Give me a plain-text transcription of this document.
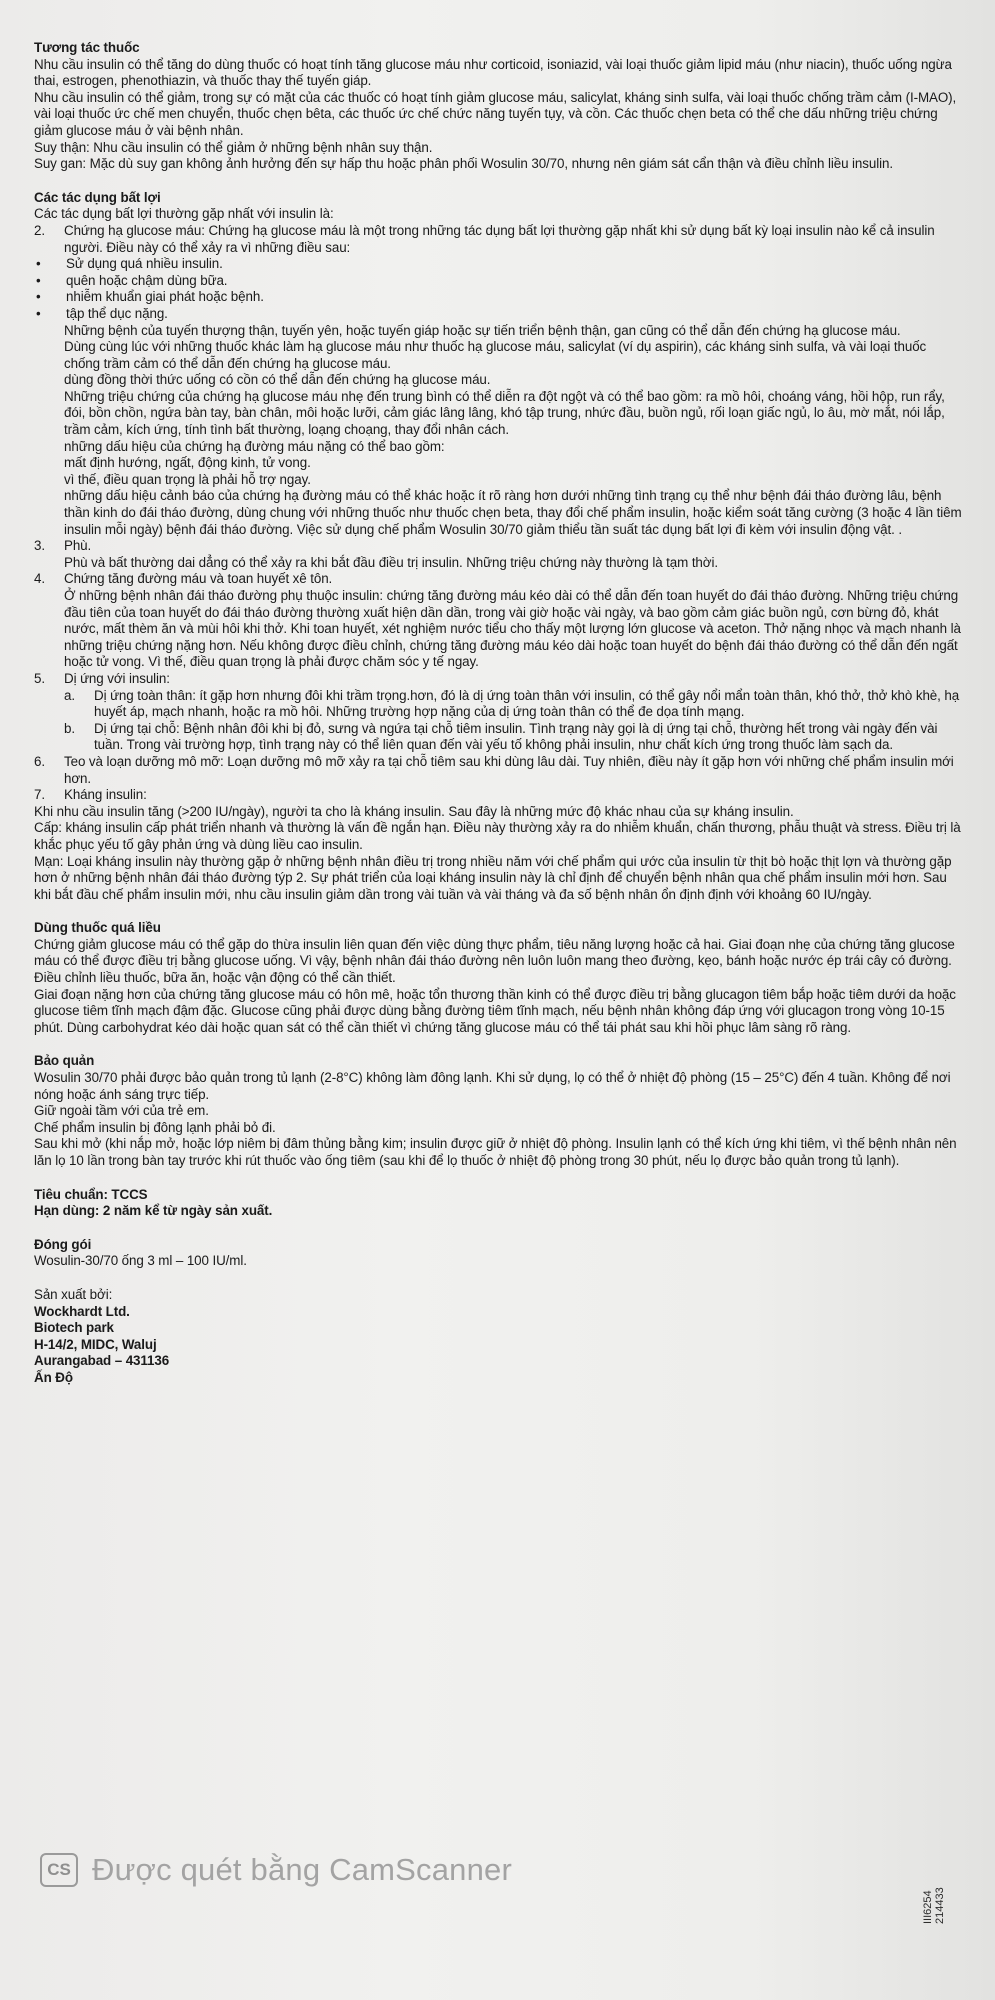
Tương tác thuốc

Nhu cầu insulin có thể tăng do dùng thuốc có hoạt tính tăng glucose máu như corticoid, isoniazid, vài loại thuốc giảm lipid máu (như niacin), thuốc uống ngừa thai, estrogen, phenothiazin, và thuốc thay thế tuyến giáp.

Nhu cầu insulin có thể giảm, trong sự có mặt của các thuốc có hoạt tính giảm glucose máu, salicylat, kháng sinh sulfa, vài loại thuốc chống trầm cảm (I-MAO), vài loại thuốc ức chế men chuyển, thuốc chẹn bêta, các thuốc ức chế chức năng tuyến tụy, và cồn. Các thuốc chẹn beta có thể che dấu những triệu chứng giảm glucose máu ở vài bệnh nhân.

Suy thận: Nhu cầu insulin có thể giảm ở những bệnh nhân suy thận.

Suy gan: Mặc dù suy gan không ảnh hưởng đến sự hấp thu hoặc phân phối Wosulin 30/70, nhưng nên giám sát cẩn thận và điều chỉnh liều insulin.

Các tác dụng bất lợi

Các tác dụng bất lợi thường gặp nhất với insulin là:

2.	Chứng hạ glucose máu: Chứng hạ glucose máu là một trong những tác dụng bất lợi thường gặp nhất khi sử dụng bất kỳ loại insulin nào kể cả insulin người. Điều này có thể xảy ra vì những điều sau:
•	Sử dụng quá nhiều insulin.
•	quên hoặc chậm dùng bữa.
•	nhiễm khuẩn giai phát hoặc bệnh.
•	tập thể dục nặng.

Những bệnh của tuyến thượng thận, tuyến yên, hoặc tuyến giáp hoặc sự tiến triển bệnh thận, gan cũng có thể dẫn đến chứng hạ glucose máu.

Dùng cùng lúc với những thuốc khác làm hạ glucose máu như thuốc hạ glucose máu, salicylat (ví dụ aspirin), các kháng sinh sulfa, và vài loại thuốc chống trầm cảm có thể dẫn đến chứng hạ glucose máu.

dùng đồng thời thức uống có cồn có thể dẫn đến chứng hạ glucose máu.

Những triệu chứng của chứng hạ glucose máu nhẹ đến trung bình có thể diễn ra đột ngột và có thể bao gồm: ra mồ hôi, choáng váng, hồi hộp, run rẩy, đói, bồn chồn, ngứa bàn tay, bàn chân, môi hoặc lưỡi, cảm giác lâng lâng, khó tập trung, nhức đầu, buồn ngủ, rối loạn giấc ngủ, lo âu, mờ mắt, nói lắp, trầm cảm, kích ứng, tính tình bất thường, loạng choạng, thay đổi nhân cách.

những dấu hiệu của chứng hạ đường máu nặng có thể bao gồm:

mất định hướng, ngất, động kinh, tử vong.

vì thế, điều quan trọng là phải hỗ trợ ngay.

những dấu hiệu cảnh báo của chứng hạ đường máu có thể khác hoặc ít rõ ràng hơn dưới những tình trạng cụ thể như bệnh đái tháo đường lâu, bệnh thần kinh do đái tháo đường, dùng chung với những thuốc như thuốc chẹn beta, thay đổi chế phẩm insulin, hoặc kiểm soát tăng cường (3 hoặc 4 lần tiêm insulin mỗi ngày) bệnh đái tháo đường. Việc sử dụng chế phẩm Wosulin 30/70 giảm thiểu tần suất tác dụng bất lợi đi kèm với insulin động vật. .

3.	Phù.

Phù và bất thường dai dẳng có thể xảy ra khi bắt đầu điều trị insulin. Những triệu chứng này thường là tạm thời.

4.	Chứng tăng đường máu và toan huyết xê tôn.

Ở những bệnh nhân đái tháo đường phụ thuộc insulin: chứng tăng đường máu kéo dài có thể dẫn đến toan huyết do đái tháo đường. Những triệu chứng đầu tiên của toan huyết do đái tháo đường thường xuất hiện dần dần, trong vài giờ hoặc vài ngày, và bao gồm cảm giác buồn ngủ, cơn bừng đỏ, khát nước, mất thèm ăn và mùi hôi khi thở. Khi toan huyết, xét nghiệm nước tiểu cho thấy một lượng lớn glucose và aceton. Thở nặng nhọc và mạch nhanh là những triệu chứng nặng hơn. Nếu không được điều chỉnh, chứng tăng đường máu kéo dài hoặc toan huyết do bệnh đái tháo đường có thể dẫn đến ngất hoặc tử vong. Vì thế, điều quan trọng là phải được chăm sóc y tế ngay.

5.	Dị ứng với insulin:
a.	Dị ứng toàn thân: ít gặp hơn nhưng đôi khi trầm trọng.hơn, đó là dị ứng toàn thân với insulin, có thể gây nổi mẩn toàn thân, khó thở, thở khò khè, hạ huyết áp, mạch nhanh, hoặc ra mồ hôi. Những trường hợp nặng của dị ứng toàn thân có thể đe dọa tính mạng.
b.	Dị ứng tại chỗ: Bệnh nhân đôi khi bị đỏ, sưng và ngứa tại chỗ tiêm insulin. Tình trạng này gọi là dị ứng tại chỗ, thường hết trong vài ngày đến vài tuần. Trong vài trường hợp, tình trạng này có thể liên quan đến vài yếu tố không phải insulin, như chất kích ứng trong thuốc làm sạch da.
6.	Teo và loạn dưỡng mô mỡ: Loạn dưỡng mô mỡ xảy ra tại chỗ tiêm sau khi dùng lâu dài. Tuy nhiên, điều này ít gặp hơn với những chế phẩm insulin mới hơn.
7.	Kháng insulin:

Khi nhu cầu insulin tăng (>200 IU/ngày), người ta cho là kháng insulin. Sau đây là những mức độ khác nhau của sự kháng insulin.

Cấp: kháng insulin cấp phát triển nhanh và thường là vấn đề ngắn hạn. Điều này thường xảy ra do nhiễm khuẩn, chấn thương, phẫu thuật và stress. Điều trị là khắc phục yếu tố gây phản ứng và dùng liều cao insulin.

Mạn: Loại kháng insulin này thường gặp ở những bệnh nhân điều trị trong nhiều năm với chế phẩm qui ước của insulin từ thịt bò hoặc thịt lợn và thường gặp hơn ở những bệnh nhân đái tháo đường týp 2. Sự phát triển của loại kháng insulin này là chỉ định để chuyển bệnh nhân qua chế phẩm insulin mới hơn. Sau khi bắt đầu chế phẩm insulin mới, nhu cầu insulin giảm dần trong vài tuần và vài tháng và đa số bệnh nhân ổn định định với khoảng 60 IU/ngày.

Dùng thuốc quá liều

Chứng giảm glucose máu có thể gặp do thừa insulin liên quan đến việc dùng thực phẩm, tiêu năng lượng hoặc cả hai. Giai đoạn nhẹ của chứng tăng glucose máu có thể được điều trị bằng glucose uống. Vì vậy, bệnh nhân đái tháo đường nên luôn luôn mang theo đường, kẹo, bánh hoặc nước ép trái cây có đường. Điều chỉnh liều thuốc, bữa ăn, hoặc vận động có thể cần thiết.

Giai đoạn nặng hơn của chứng tăng glucose máu có hôn mê, hoặc tổn thương thần kinh có thể được điều trị bằng glucagon tiêm bắp hoặc tiêm dưới da hoặc glucose tiêm tĩnh mạch đậm đặc. Glucose cũng phải được dùng bằng đường tiêm tĩnh mạch, nếu bệnh nhân không đáp ứng với glucagon trong vòng 10-15 phút. Dùng carbohydrat kéo dài hoặc quan sát có thể cần thiết vì chứng tăng glucose máu có thể tái phát sau khi hồi phục lâm sàng rõ ràng.

Bảo quản

Wosulin 30/70 phải được bảo quản trong tủ lạnh (2-8°C) không làm đông lạnh. Khi sử dụng, lọ có thể ở nhiệt độ phòng (15 – 25°C) đến 4 tuần. Không để nơi nóng hoặc ánh sáng trực tiếp.

Giữ ngoài tầm với của trẻ em.

Chế phẩm insulin bị đông lạnh phải bỏ đi.

Sau khi mở (khi nắp mở, hoặc lớp niêm bị đâm thủng bằng kim; insulin được giữ ở nhiệt độ phòng. Insulin lạnh có thể kích ứng khi tiêm, vì thế bệnh nhân nên lăn lọ 10 lần trong bàn tay trước khi rút thuốc vào ống tiêm (sau khi để lọ thuốc ở nhiệt độ phòng trong 30 phút, nếu lọ được bảo quản trong tủ lạnh).

Tiêu chuẩn: TCCS

Hạn dùng: 2 năm kể từ ngày sản xuất.

Đóng gói

Wosulin-30/70 ống 3 ml – 100 IU/ml.

Sản xuất bởi:

Wockhardt Ltd.

Biotech park

H-14/2, MIDC, Waluj

Aurangabad – 431136

Ấn Độ

CS Được quét bằng CamScanner
III6254 214433
